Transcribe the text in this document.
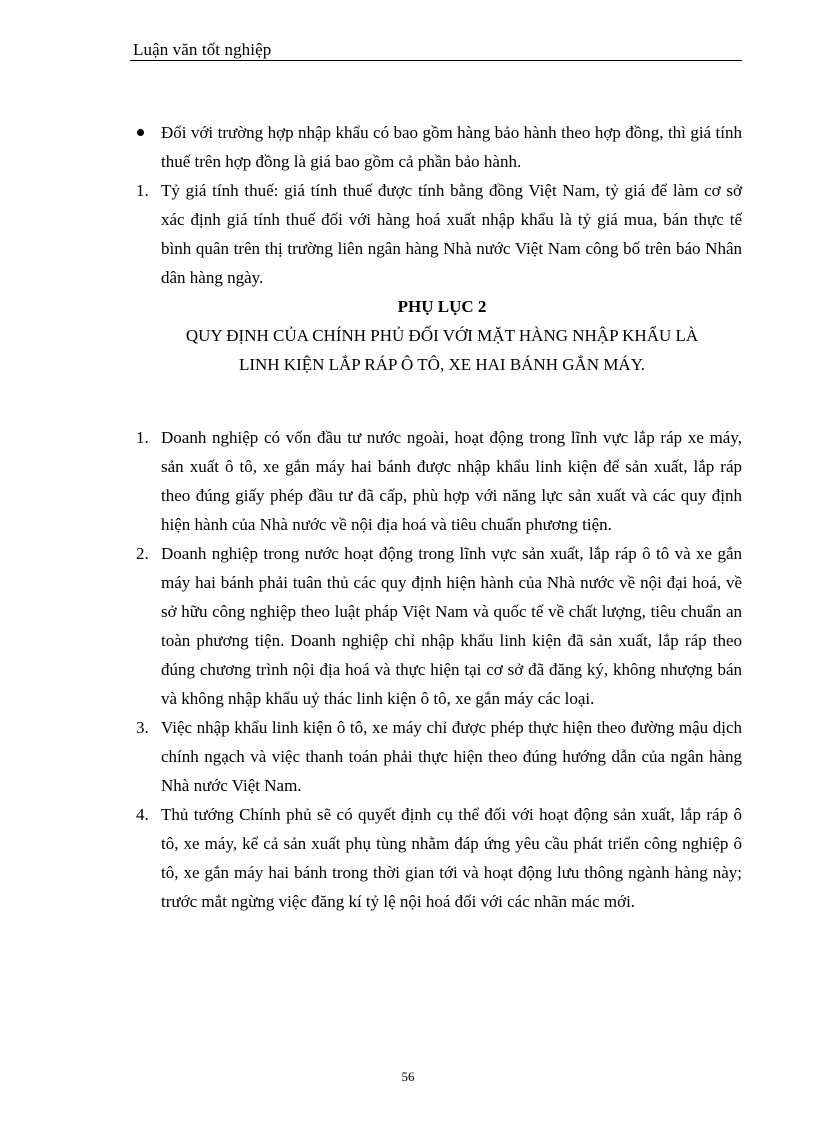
Luận văn tốt nghiệp
Đối với trường hợp nhập khẩu có bao gồm hàng bảo hành theo hợp đồng, thì giá tính thuế trên hợp đồng là giá bao gồm cả phần bảo hành.
1. Tỷ giá tính thuế: giá tính thuế được tính bằng đồng Việt Nam, tỷ giá để làm cơ sở xác định giá tính thuế đối với hàng hoá xuất nhập khẩu là tỷ giá mua, bán thực tế bình quân trên thị trường liên ngân hàng Nhà nước Việt Nam công bố trên báo Nhân dân hàng ngày.
PHỤ LỤC 2
QUY ĐỊNH CỦA CHÍNH PHỦ ĐỐI VỚI MẶT HÀNG NHẬP KHẨU LÀ
LINH KIỆN LẮP RÁP Ô TÔ, XE HAI BÁNH GẮN MÁY.
1. Doanh nghiệp có vốn đầu tư nước ngoài, hoạt động trong lĩnh vực lắp ráp xe máy, sản xuất ô tô, xe gắn máy hai bánh được nhập khẩu linh kiện để sản xuất, lắp ráp theo đúng giấy phép đầu tư đã cấp, phù hợp với năng lực sản xuất và các quy định hiện hành của Nhà nước về nội địa hoá và tiêu chuẩn phương tiện.
2. Doanh nghiệp trong nước hoạt động trong lĩnh vực sản xuất, lắp ráp ô tô và xe gắn máy hai bánh phải tuân thủ các quy định hiện hành của Nhà nước về nội đại hoá, về sở hữu công nghiệp theo luật pháp Việt Nam và quốc tế về chất lượng, tiêu chuẩn an toàn phương tiện. Doanh nghiệp chỉ nhập khẩu linh kiện đã sản xuất, lắp ráp theo đúng chương trình nội địa hoá và thực hiện tại cơ sở đã đăng ký, không nhượng bán và không nhập khẩu uỷ thác linh kiện ô tô, xe gắn máy các loại.
3. Việc nhập khẩu linh kiện ô tô, xe máy chỉ được phép thực hiện theo đường mậu dịch chính ngạch và việc thanh toán phải thực hiện theo đúng hướng dẫn của ngân hàng Nhà nước Việt Nam.
4. Thủ tướng Chính phủ sẽ có quyết định cụ thể đối với hoạt động sản xuất, lắp ráp ô tô, xe máy, kể cả sản xuất phụ tùng nhằm đáp ứng yêu cầu phát triển công nghiệp ô tô, xe gắn máy hai bánh trong thời gian tới và hoạt động lưu thông ngành hàng này; trước mắt ngừng việc đăng kí tỷ lệ nội hoá đối với các nhãn mác mới.
56
